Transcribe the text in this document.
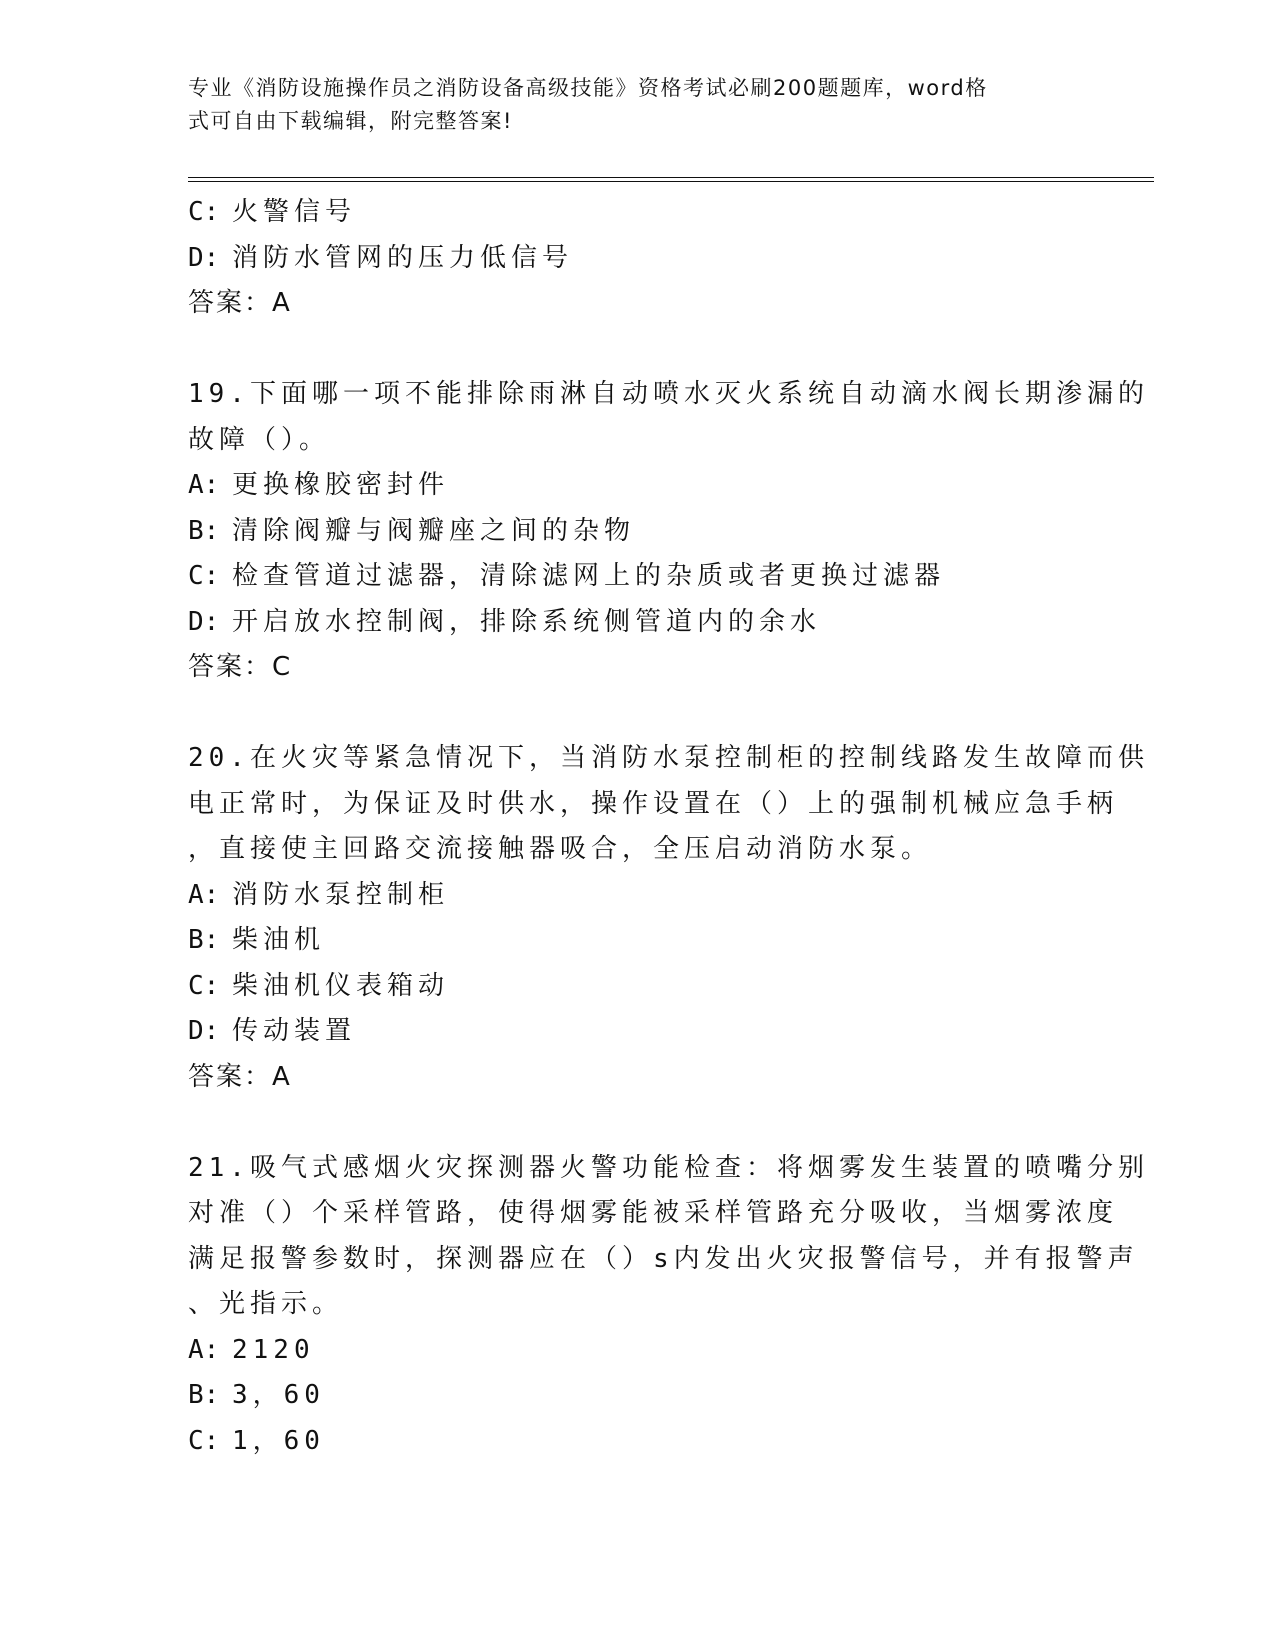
专业《消防设施操作员之消防设备高级技能》资格考试必刷200题题库，word格
式可自由下载编辑，附完整答案!
C: 火警信号
D: 消防水管网的压力低信号
答案：A
19.下面哪一项不能排除雨淋自动喷水灭火系统自动滴水阀长期渗漏的
故障（）。
A: 更换橡胶密封件
B: 清除阀瓣与阀瓣座之间的杂物
C: 检查管道过滤器，清除滤网上的杂质或者更换过滤器
D: 开启放水控制阀，排除系统侧管道内的余水
答案：C
20.在火灾等紧急情况下，当消防水泵控制柜的控制线路发生故障而供
电正常时，为保证及时供水，操作设置在（）上的强制机械应急手柄
，直接使主回路交流接触器吸合，全压启动消防水泵。
A: 消防水泵控制柜
B: 柴油机
C: 柴油机仪表箱动
D: 传动装置
答案：A
21.吸气式感烟火灾探测器火警功能检查：将烟雾发生装置的喷嘴分别
对准（）个采样管路，使得烟雾能被采样管路充分吸收，当烟雾浓度
满足报警参数时，探测器应在（）s内发出火灾报警信号，并有报警声
、光指示。
A: 2120
B: 3，60
C: 1，60
